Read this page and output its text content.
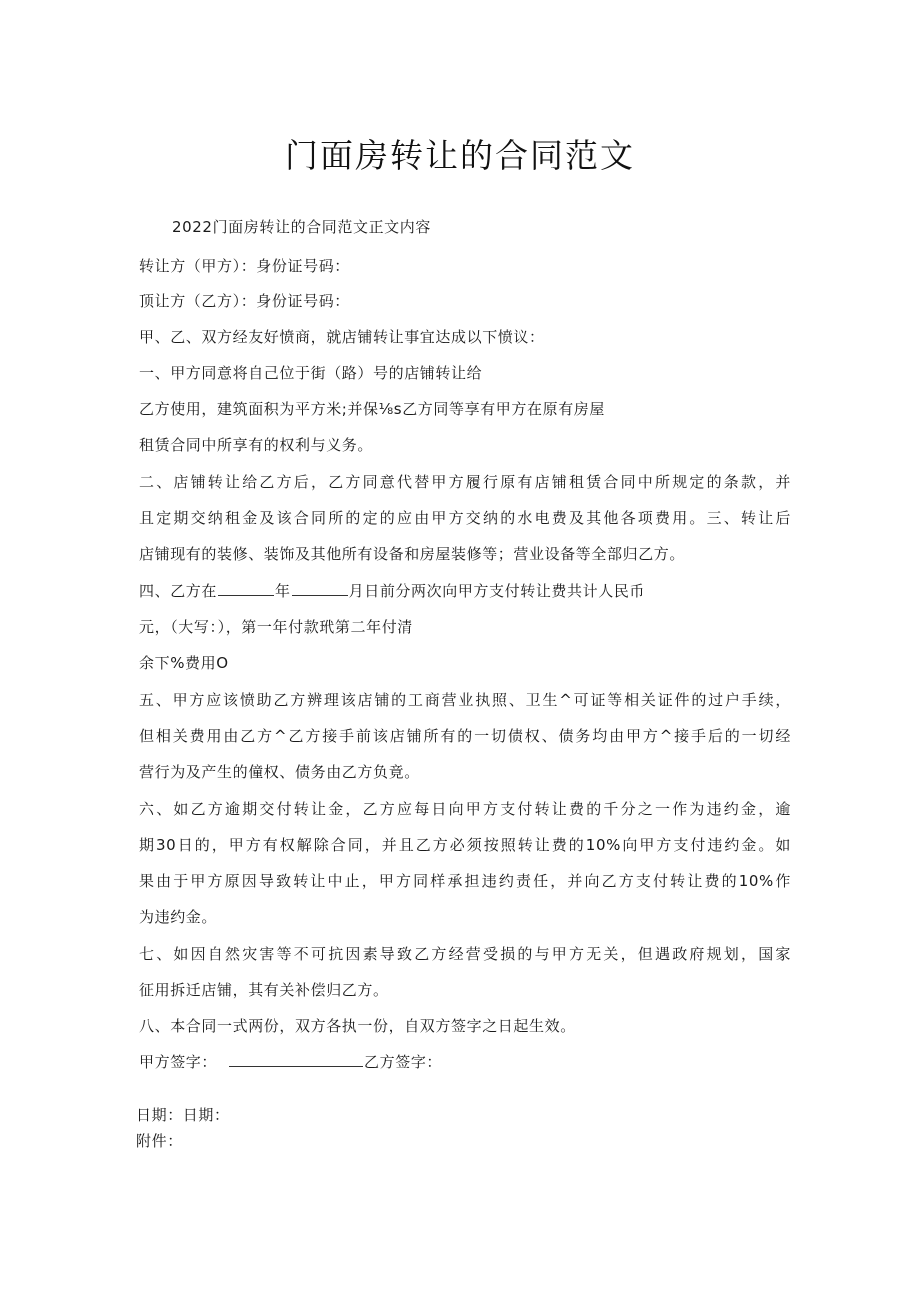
门面房转让的合同范文
2022门面房转让的合同范文正文内容
转让方（甲方）：身份证号码：
顶让方（乙方）：身份证号码：
甲、乙、双方经友好愤商，就店铺转让事宜达成以下愤议：
一、甲方同意将自己位于街（路）号的店铺转让给
乙方使用，建筑面积为平方米;并保⅛s乙方同等享有甲方在原有房屋
租赁合同中所享有的权利与义务。
二、店铺转让给乙方后，乙方同意代替甲方履行原有店铺租赁合同中所规定的条款，并
且定期交纳租金及该合同所的定的应由甲方交纳的水电费及其他各项费用。三、转让后
店铺现有的装修、装饰及其他所有设备和房屋装修等；营业设备等全部归乙方。
四、乙方在	年	月日前分两次向甲方支付转让费共计人民币
元，（大写：），第一年付款玳第二年付清
余下%费用O
五、甲方应该愤助乙方辨理该店铺的工商营业执照、卫生^可证等相关证件的过户手续，
但相关费用由乙方^乙方接手前该店铺所有的一切债权、债务均由甲方^接手后的一切经
营行为及产生的僮权、债务由乙方负竟。
六、如乙方逾期交付转让金，乙方应每日向甲方支付转让费的千分之一作为违约金，逾
期30日的，甲方有权解除合同，并且乙方必须按照转让费的10%向甲方支付违约金。如
果由于甲方原因导致转让中止，甲方同样承担违约责任，并向乙方支付转让费的10%作
为违约金。
七、如因自然灾害等不可抗因素导致乙方经营受损的与甲方无关，但遇政府规划，国家
征用拆迁店铺，其有关补偿归乙方。
八、本合同一式两份，双方各执一份，自双方签字之日起生效。
甲方签字：	乙方签字：
日期：日期：
附件：
